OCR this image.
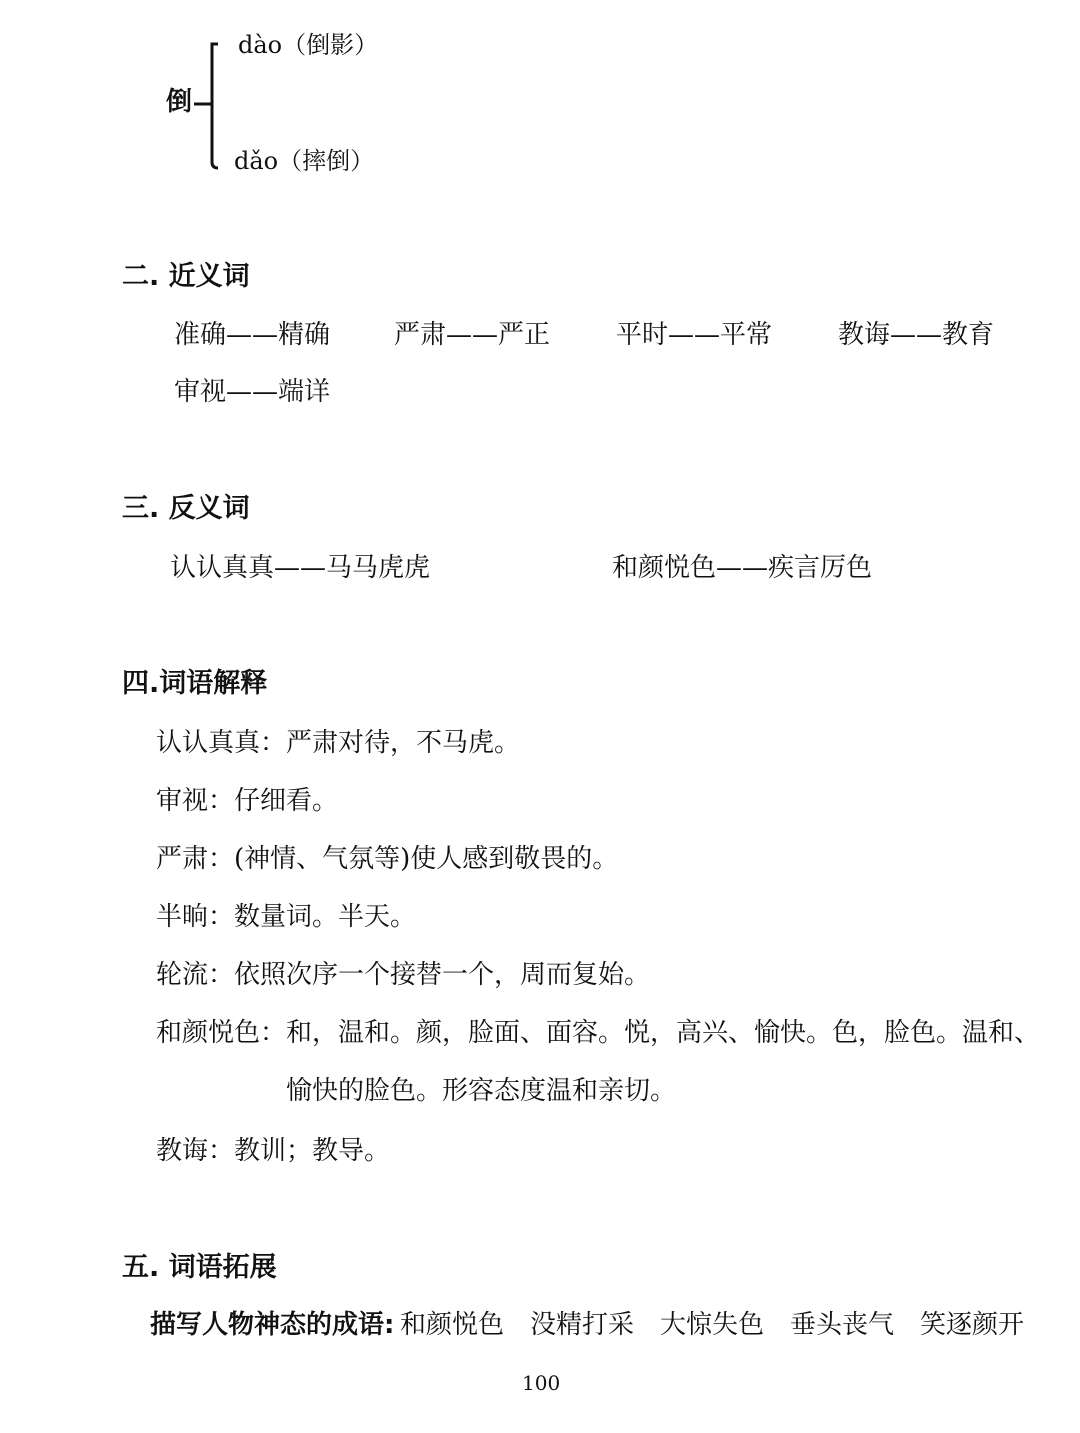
倒
dào（倒影）
dǎo（摔倒）
二. 近义词
准确——精确 严肃——严正	平时——平常	教诲——教育
审视——端详
三. 反义词
认认真真——马马虎虎	和颜悦色——疾言厉色
四.词语解释
认认真真：严肃对待，不马虎。
审视：仔细看。
严肃：(神情、气氛等)使人感到敬畏的。
半晌：数量词。半天。
轮流：依照次序一个接替一个，周而复始。
和颜悦色：和，温和。颜，脸面、面容。悦，高兴、愉快。色，脸色。温和、
愉快的脸色。形容态度温和亲切。
教诲：教训；教导。
五. 词语拓展
描写人物神态的成语: 和颜悦色 没精打采 大惊失色 垂头丧气 笑逐颜开
100
